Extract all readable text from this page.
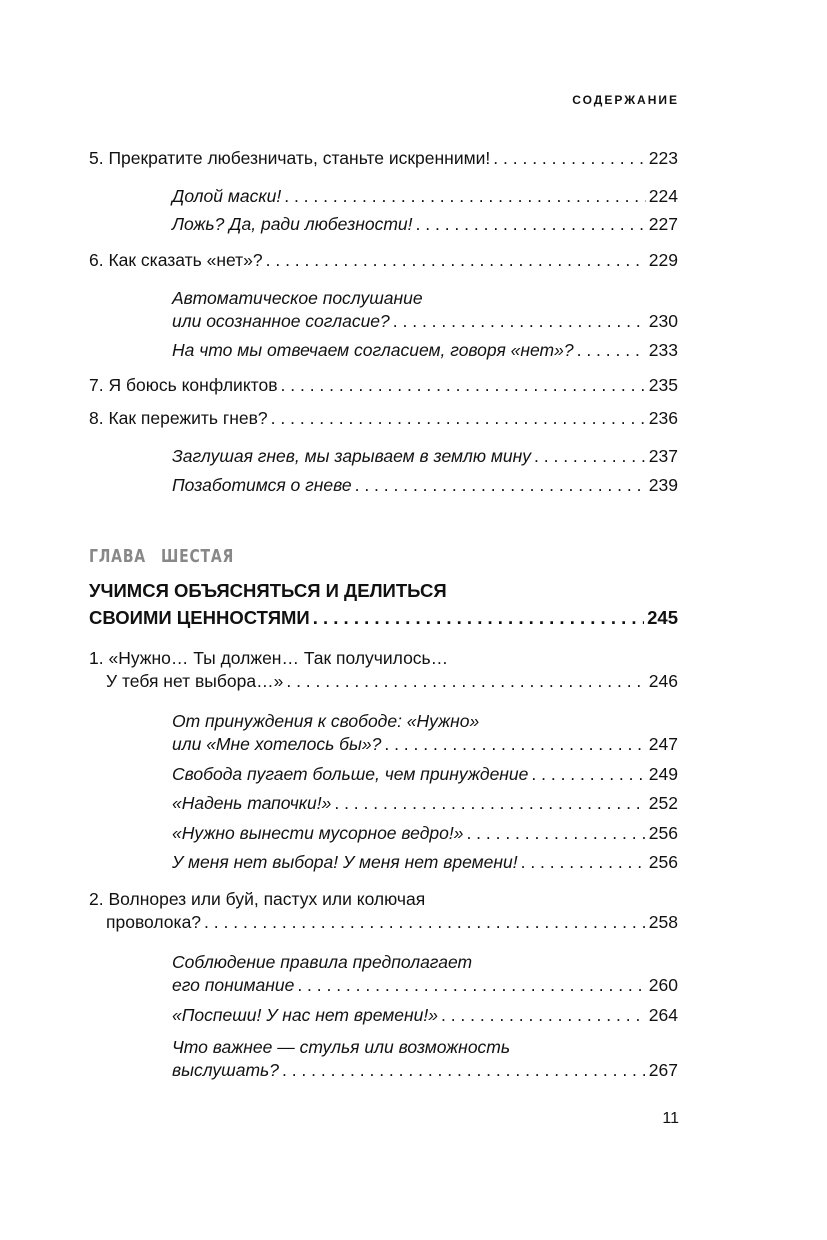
СОДЕРЖАНИЕ
5. Прекратите любезничать, станьте искренними! . . .	223
Долой маски! . . .	224
Ложь? Да, ради любезности! . . .	227
6. Как сказать «нет»? . . .	229
Автоматическое послушание
или осознанное согласие? . . .	230
На что мы отвечаем согласием, говоря «нет»? . . .	233
7. Я боюсь конфликтов . . .	235
8. Как пережить гнев? . . .	236
Заглушая гнев, мы зарываем в землю мину . . .	237
Позаботимся о гневе . . .	239
ГЛАВА ШЕСТАЯ
УЧИМСЯ ОБЪЯСНЯТЬСЯ И ДЕЛИТЬСЯ
СВОИМИ ЦЕННОСТЯМИ . . .	245
1. «Нужно… Ты должен… Так получилось…
У тебя нет выбора…» . . .	246
От принуждения к свободе: «Нужно»
или «Мне хотелось бы»? . . .	247
Свобода пугает больше, чем принуждение . . .	249
«Надень тапочки!» . . .	252
«Нужно вынести мусорное ведро!» . . .	256
У меня нет выбора! У меня нет времени! . . .	256
2. Волнорез или буй, пастух или колючая
проволока? . . .	258
Соблюдение правила предполагает
его понимание . . .	260
«Поспеши! У нас нет времени!» . . .	264
Что важнее — стулья или возможность
выслушать? . . .	267
11
